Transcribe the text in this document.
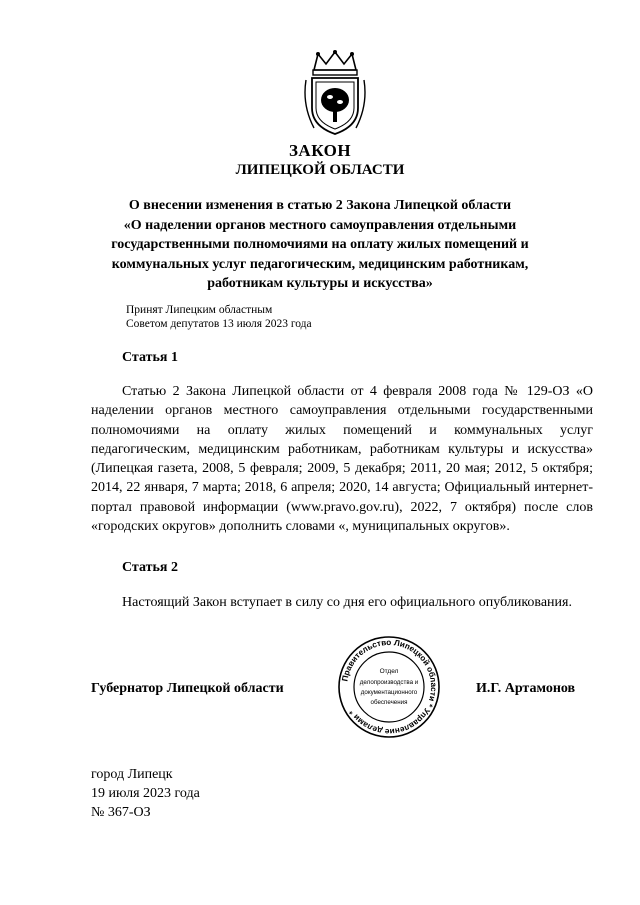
ЗАКОН
ЛИПЕЦКОЙ ОБЛАСТИ
О внесении изменения в статью 2 Закона Липецкой области
«О наделении органов местного самоуправления отдельными
государственными полномочиями на оплату жилых помещений и
коммунальных услуг педагогическим, медицинским работникам,
работникам культуры и искусства»
Принят Липецким областным
Советом депутатов 13 июля 2023 года
Статья 1

Статью 2 Закона Липецкой области от 4 февраля 2008 года № 129-ОЗ «О наделении органов местного самоуправления отдельными государственными полномочиями на оплату жилых помещений и коммунальных услуг педагогическим, медицинским работникам, работникам культуры и искусства» (Липецкая газета, 2008, 5 февраля; 2009, 5 декабря; 2011, 20 мая; 2012, 5 октября; 2014, 22 января, 7 марта; 2018, 6 апреля; 2020, 14 августа; Официальный интернет-портал правовой информации (www.pravo.gov.ru), 2022, 7 октября) после слов «городских округов» дополнить словами «, муниципальных округов».

Статья 2

Настоящий Закон вступает в силу со дня его официального опубликования.

Губернатор Липецкой области	И.Г. Артамонов
Правительство Липецкой области * Управление делами *
Отдел
делопроизводства и
документационного
обеспечения
город Липецк
19 июля 2023 года
№ 367-ОЗ
